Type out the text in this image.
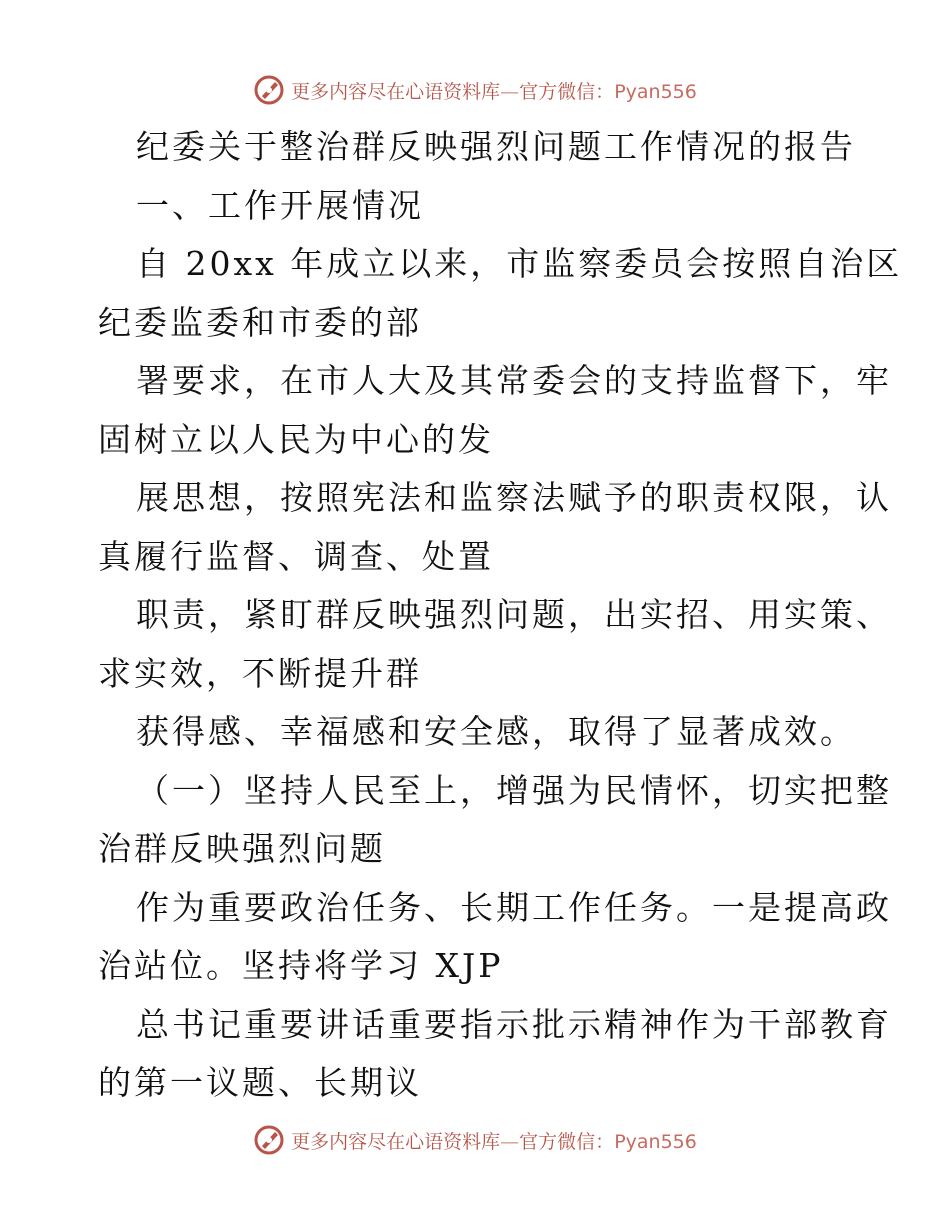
更多内容尽在心语资料库—官方微信：Pyan556
纪委关于整治群反映强烈问题工作情况的报告
一、工作开展情况
自 20xx 年成立以来，市监察委员会按照自治区
纪委监委和市委的部
署要求，在市人大及其常委会的支持监督下，牢
固树立以人民为中心的发
展思想，按照宪法和监察法赋予的职责权限，认
真履行监督、调查、处置
职责，紧盯群反映强烈问题，出实招、用实策、
求实效，不断提升群
获得感、幸福感和安全感，取得了显著成效。
（一）坚持人民至上，增强为民情怀，切实把整
治群反映强烈问题
作为重要政治任务、长期工作任务。一是提高政
治站位。坚持将学习 XJP
总书记重要讲话重要指示批示精神作为干部教育
的第一议题、长期议
更多内容尽在心语资料库—官方微信：Pyan556
